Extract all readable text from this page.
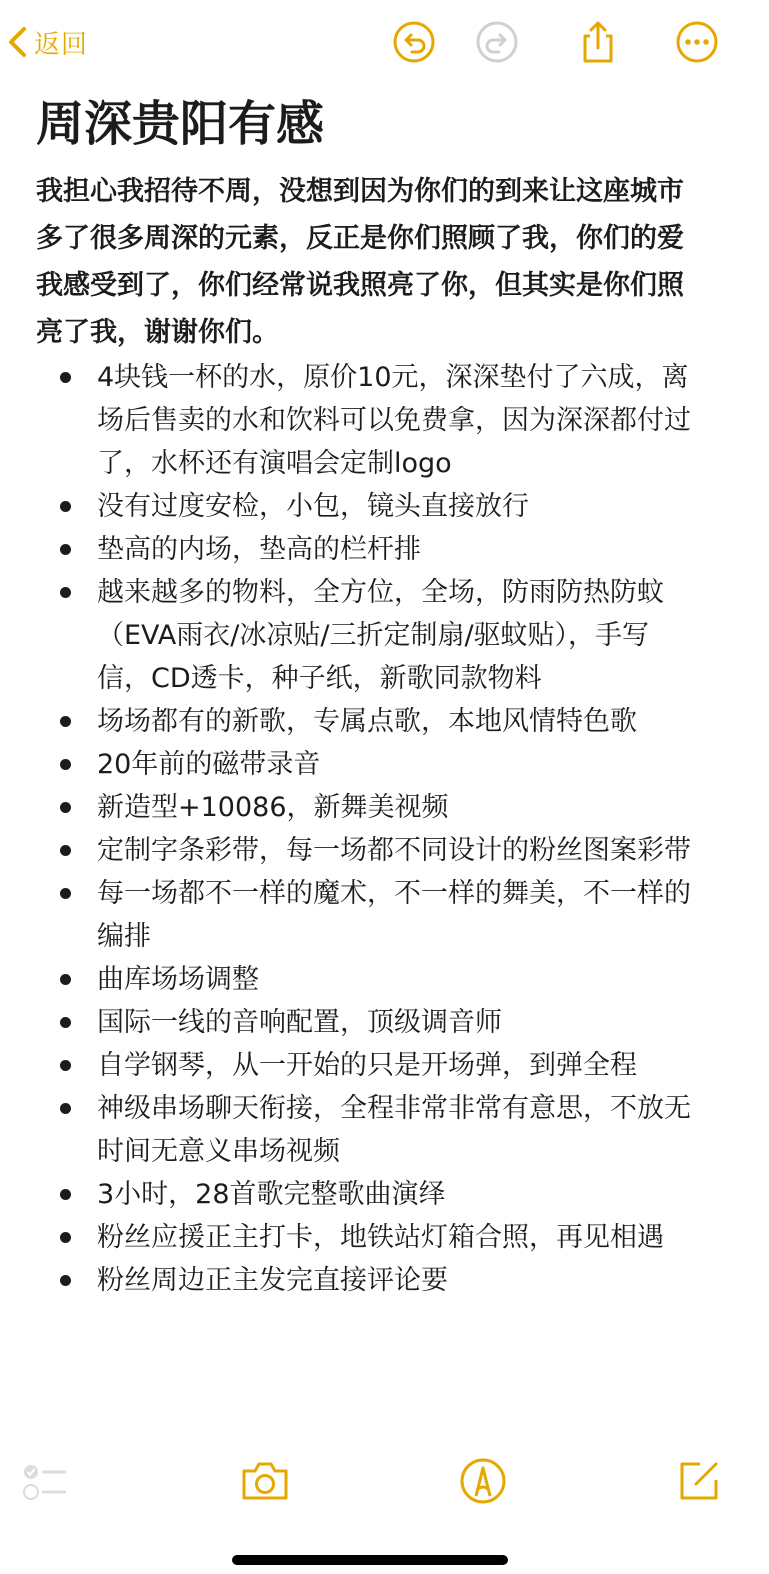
返回
周深贵阳有感

我担心我招待不周，没想到因为你们的到来让这座城市多了很多周深的元素，反正是你们照顾了我，你们的爱我感受到了，你们经常说我照亮了你，但其实是你们照亮了我，谢谢你们。

4块钱一杯的水，原价10元，深深垫付了六成，离场后售卖的水和饮料可以免费拿，因为深深都付过了，水杯还有演唱会定制logo
没有过度安检，小包，镜头直接放行
垫高的内场，垫高的栏杆排
越来越多的物料，全方位，全场，防雨防热防蚊（EVA雨衣/冰凉贴/三折定制扇/驱蚊贴），手写信，CD透卡，种子纸，新歌同款物料
场场都有的新歌，专属点歌，本地风情特色歌
20年前的磁带录音
新造型+10086，新舞美视频
定制字条彩带，每一场都不同设计的粉丝图案彩带
每一场都不一样的魔术，不一样的舞美，不一样的编排
曲库场场调整
国际一线的音响配置，顶级调音师
自学钢琴，从一开始的只是开场弹，到弹全程
神级串场聊天衔接，全程非常非常有意思，不放无时间无意义串场视频
3小时，28首歌完整歌曲演绎
粉丝应援正主打卡，地铁站灯箱合照，再见相遇
粉丝周边正主发完直接评论要
